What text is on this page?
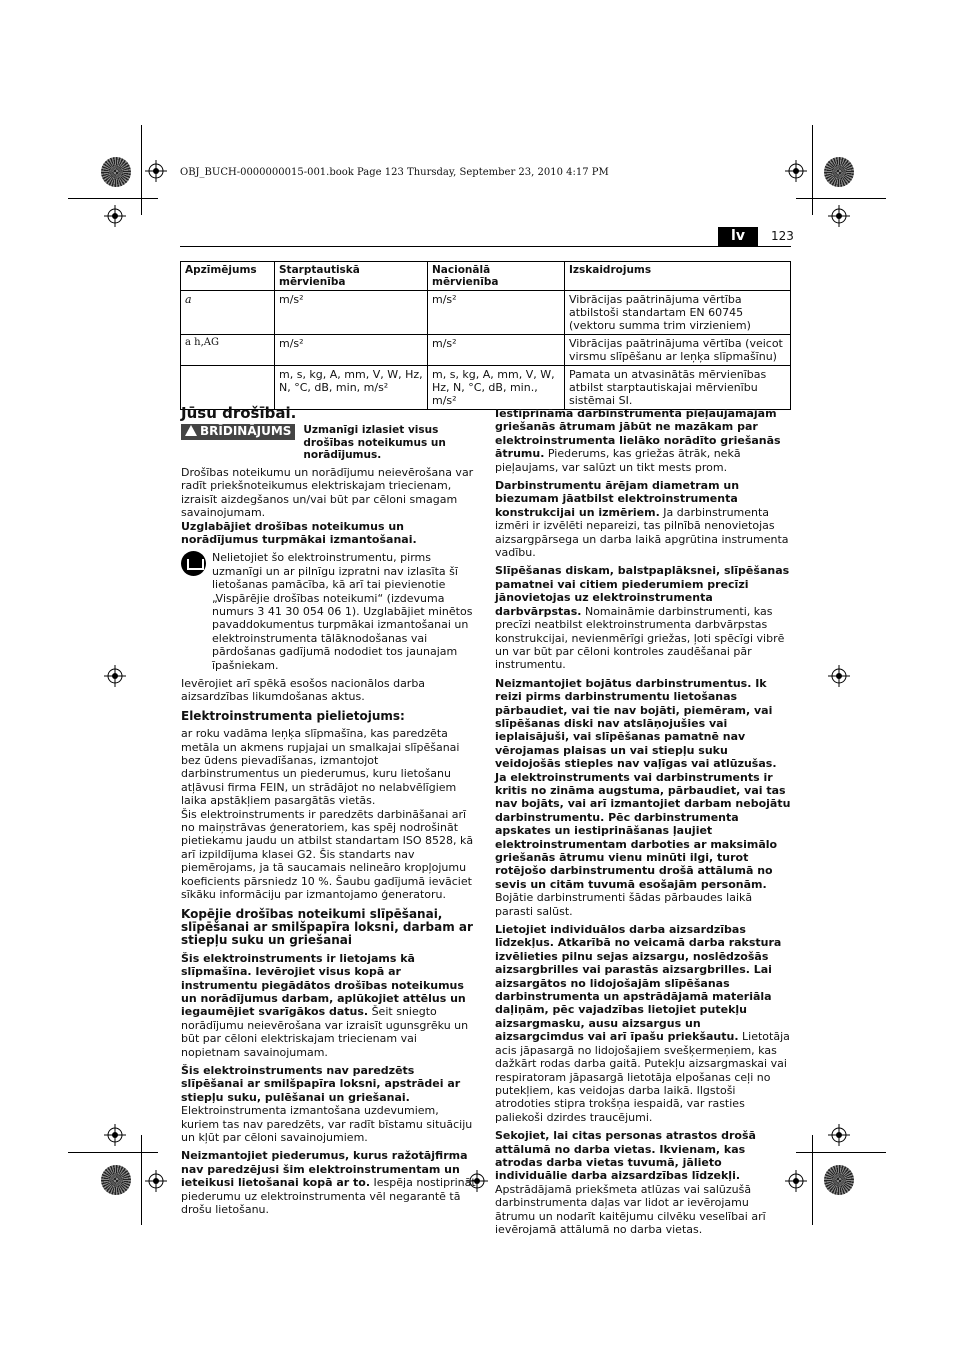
OBJ_BUCH-0000000015-001.book Page 123 Thursday, September 23, 2010 4:17 PM
lv	123
Apzīmējums	Starptautiskā mērvienība	Nacionālā mērvienība	Izskaidrojums
a	m/s²	m/s²	Vibrācijas paātrinājuma vērtība atbilstoši standartam EN 60745 (vektoru summa trim virzieniem)
a h,AG	m/s²	m/s²	Vibrācijas paātrinājuma vērtība (veicot virsmu slīpēšanu ar leņķa slīpmašīnu)
	m, s, kg, A, mm, V, W, Hz, N, °C, dB, min, m/s²	m, s, kg, A, mm, V, W, Hz, N, °C, dB, min., m/s²	Pamata un atvasinātās mērvienības atbilst starptautiskajai mērvienību sistēmai SI.
Jūsu drošībai.
BRĪDINĀJUMS	Uzmanīgi izlasiet visus drošības noteikumus un norādījumus.

Drošības noteikumu un norādījumu neievērošana var radīt priekšnoteikumus elektriskajam triecienam, izraisīt aizdegšanos un/vai būt par cēloni smagam savainojumam.

Uzglabājiet drošības noteikumus un norādījumus turpmākai izmantošanai.

Nelietojiet šo elektroinstrumentu, pirms uzmanīgi un ar pilnīgu izpratni nav izlasīta šī lietošanas pamācība, kā arī tai pievienotie „Vispārējie drošības noteikumi“ (izdevuma numurs 3 41 30 054 06 1). Uzglabājiet minētos pavaddokumentus turpmākai izmantošanai un elektroinstrumenta tālāknodošanas vai pārdošanas gadījumā nododiet tos jaunajam īpašniekam.

Ievērojiet arī spēkā esošos nacionālos darba aizsardzības likumdošanas aktus.

Elektroinstrumenta pielietojums:

ar roku vadāma leņķa slīpmašīna, kas paredzēta metāla un akmens rupjajai un smalkajai slīpēšanai bez ūdens pievadīšanas, izmantojot darbinstrumentus un piederumus, kuru lietošanu atļāvusi firma FEIN, un strādājot no nelabvēlīgiem laika apstākļiem pasargātās vietās.

Šis elektroinstruments ir paredzēts darbināšanai arī no maiņstrāvas ģeneratoriem, kas spēj nodrošināt pietiekamu jaudu un atbilst standartam ISO 8528, kā arī izpildījuma klasei G2. Šis standarts nav piemērojams, ja tā saucamais nelineāro kropļojumu koeficients pārsniedz 10 %. Šaubu gadījumā ievāciet sīkāku informāciju par izmantojamo ģeneratoru.

Kopējie drošības noteikumi slīpēšanai, slīpēšanai ar smilšpapīra loksni, darbam ar stiepļu suku un griešanai

Šis elektroinstruments ir lietojams kā slīpmašīna. Ievērojiet visus kopā ar instrumentu piegādātos drošības noteikumus un norādījumus darbam, aplūkojiet attēlus un iegaumējiet svarīgākos datus. Šeit sniegto norādījumu neievērošana var izraisīt ugunsgrēku un būt par cēloni elektriskajam triecienam vai nopietnam savainojumam.

Šis elektroinstruments nav paredzēts slīpēšanai ar smilšpapīra loksni, apstrādei ar stiepļu suku, pulēšanai un griešanai. Elektroinstrumenta izmantošana uzdevumiem, kuriem tas nav paredzēts, var radīt bīstamu situāciju un kļūt par cēloni savainojumiem.

Neizmantojiet piederumus, kurus ražotājfirma nav paredzējusi šim elektroinstrumentam un ieteikusi lietošanai kopā ar to. Iespēja nostiprināt piederumu uz elektroinstrumenta vēl negarantē tā drošu lietošanu.

Iestiprināmā darbinstrumenta pieļaujamajam griešanās ātrumam jābūt ne mazākam par elektroinstrumenta lielāko norādīto griešanās ātrumu. Piederums, kas griežas ātrāk, nekā pieļaujams, var salūzt un tikt mests prom.

Darbinstrumentu ārējam diametram un biezumam jāatbilst elektroinstrumenta konstrukcijai un izmēriem. Ja darbinstrumenta izmēri ir izvēlēti nepareizi, tas pilnībā nenovietojas aizsargpārsega un darba laikā apgrūtina instrumenta vadību.

Slīpēšanas diskam, balstpaplāksnei, slīpēšanas pamatnei vai citiem piederumiem precīzi jānovietojas uz elektroinstrumenta darbvārpstas. Nomaināmie darbinstrumenti, kas precīzi neatbilst elektroinstrumenta darbvārpstas konstrukcijai, nevienmērīgi griežas, ļoti spēcīgi vibrē un var būt par cēloni kontroles zaudēšanai pār instrumentu.

Neizmantojiet bojātus darbinstrumentus. Ik reizi pirms darbinstrumentu lietošanas pārbaudiet, vai tie nav bojāti, piemēram, vai slīpēšanas diski nav atslāņojušies vai ieplaisājuši, vai slīpēšanas pamatnē nav vērojamas plaisas un vai stiepļu suku veidojošās stieples nav vaļīgas vai atlūzušas. Ja elektroinstruments vai darbinstruments ir kritis no zināma augstuma, pārbaudiet, vai tas nav bojāts, vai arī izmantojiet darbam nebojātu darbinstrumentu. Pēc darbinstrumenta apskates un iestiprināšanas ļaujiet elektroinstrumentam darboties ar maksimālo griešanās ātrumu vienu minūti ilgi, turot rotējošo darbinstrumentu drošā attālumā no sevis un citām tuvumā esošajām personām. Bojātie darbinstrumenti šādas pārbaudes laikā parasti salūst.

Lietojiet individuālos darba aizsardzības līdzekļus. Atkarībā no veicamā darba rakstura izvēlieties pilnu sejas aizsargu, noslēdzošās aizsargbrilles vai parastās aizsargbrilles. Lai aizsargātos no lidojošajām slīpēšanas darbinstrumenta un apstrādājamā materiāla daļiņām, pēc vajadzības lietojiet putekļu aizsargmasku, ausu aizsargus un aizsargcimdus vai arī īpašu priekšautu. Lietotāja acis jāpasargā no lidojošajiem svešķermeņiem, kas dažkārt rodas darba gaitā. Putekļu aizsargmaskai vai respiratoram jāpasargā lietotāja elpošanas ceļi no putekļiem, kas veidojas darba laikā. Ilgstoši atrodoties stipra trokšņa iespaidā, var rasties paliekoši dzirdes traucējumi.

Sekojiet, lai citas personas atrastos drošā attālumā no darba vietas. Ikvienam, kas atrodas darba vietas tuvumā, jālieto individuālie darba aizsardzības līdzekļi. Apstrādājamā priekšmeta atlūzas vai salūzušā darbinstrumenta daļas var lidot ar ievērojamu ātrumu un nodarīt kaitējumu cilvēku veselībai arī ievērojamā attālumā no darba vietas.
